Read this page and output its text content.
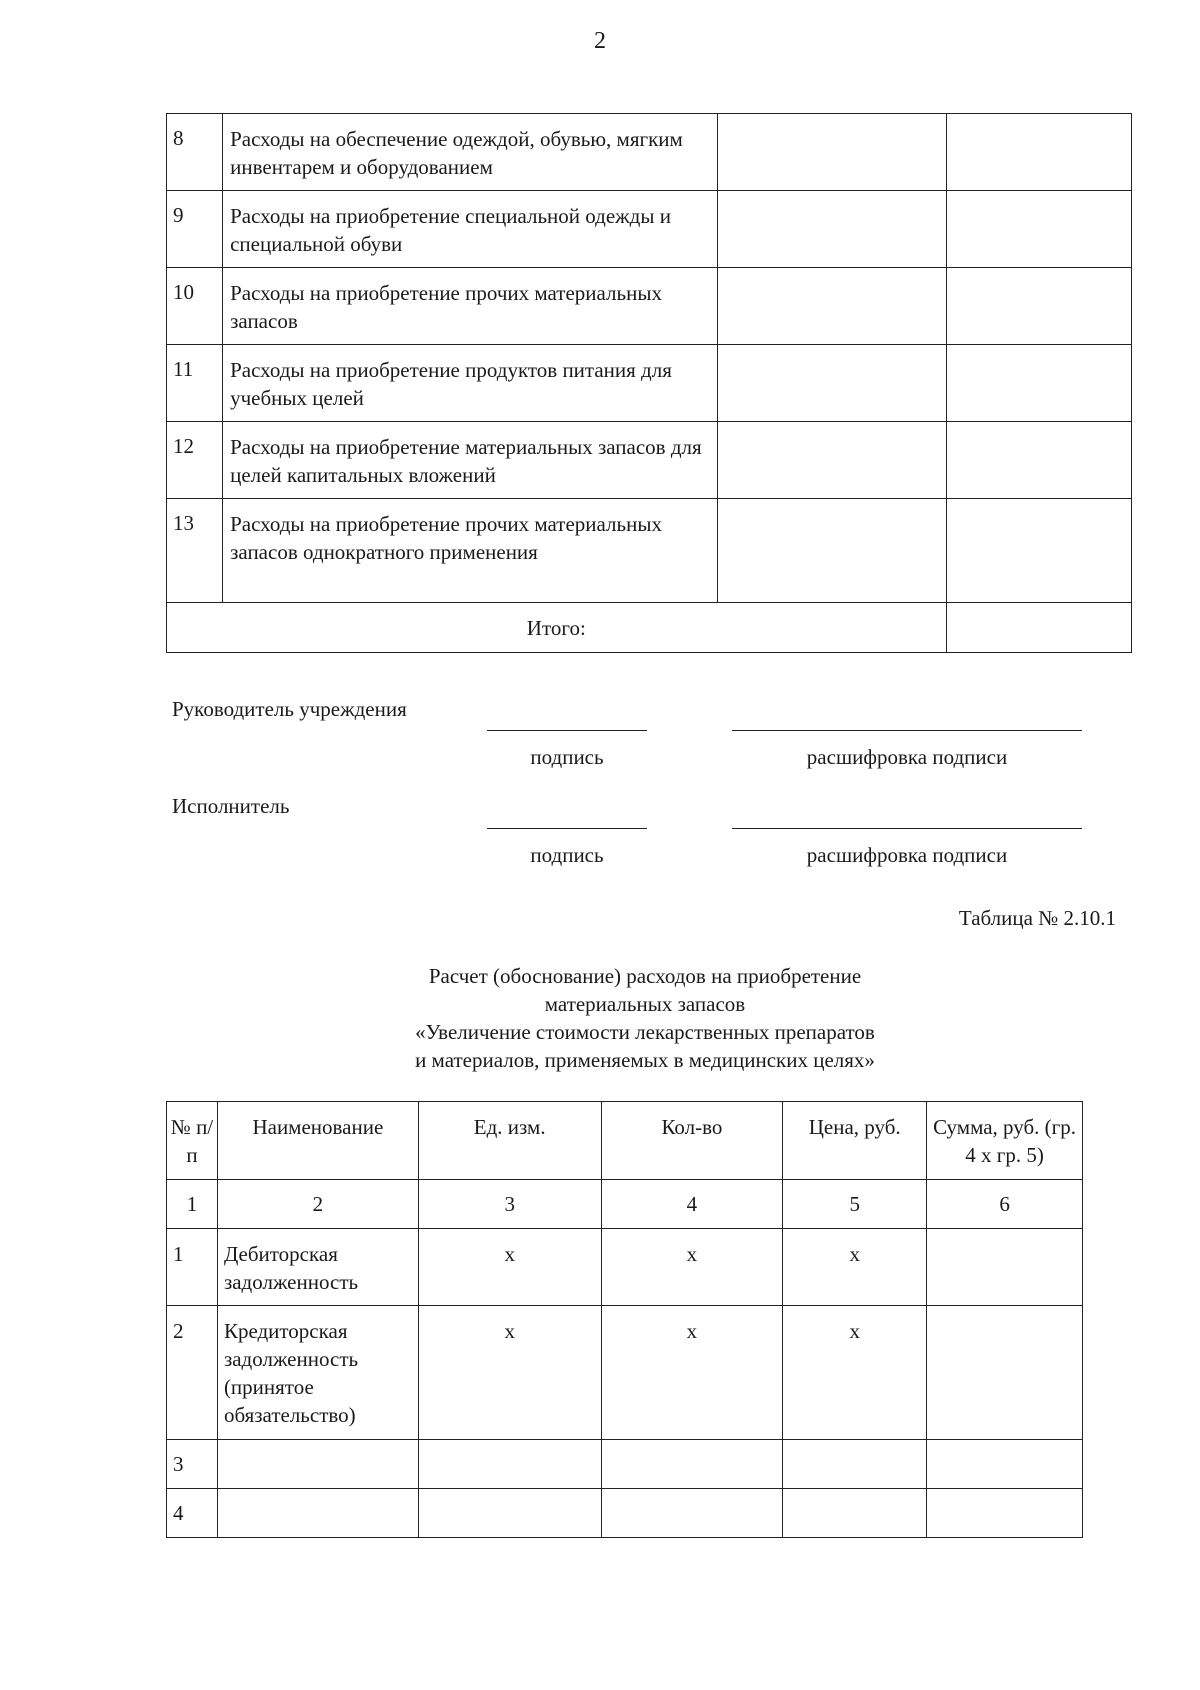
2
8	Расходы на обеспечение одеждой, обувью, мягким инвентарем и оборудованием		
9	Расходы на приобретение специальной одежды и специальной обуви		
10	Расходы на приобретение прочих материальных запасов		
11	Расходы на приобретение продуктов питания для учебных целей		
12	Расходы на приобретение материальных запасов для целей капитальных вложений		
13	Расходы на приобретение прочих материальных запасов однократного применения		
Итого:			
Руководитель учреждения
подпись	расшифровка подписи
Исполнитель
подпись	расшифровка подписи
Таблица № 2.10.1
Расчет (обоснование) расходов на приобретение
материальных запасов
«Увеличение стоимости лекарственных препаратов
и материалов, применяемых в медицинских целях»
№ п/п	Наименование	Ед. изм.	Кол-во	Цена, руб.	Сумма, руб. (гр. 4 х гр. 5)
1	2	3	4	5	6
1	Дебиторская задолженность	х	х	х	
2	Кредиторская задолженность (принятое обязательство)	х	х	х	
3					
4					
